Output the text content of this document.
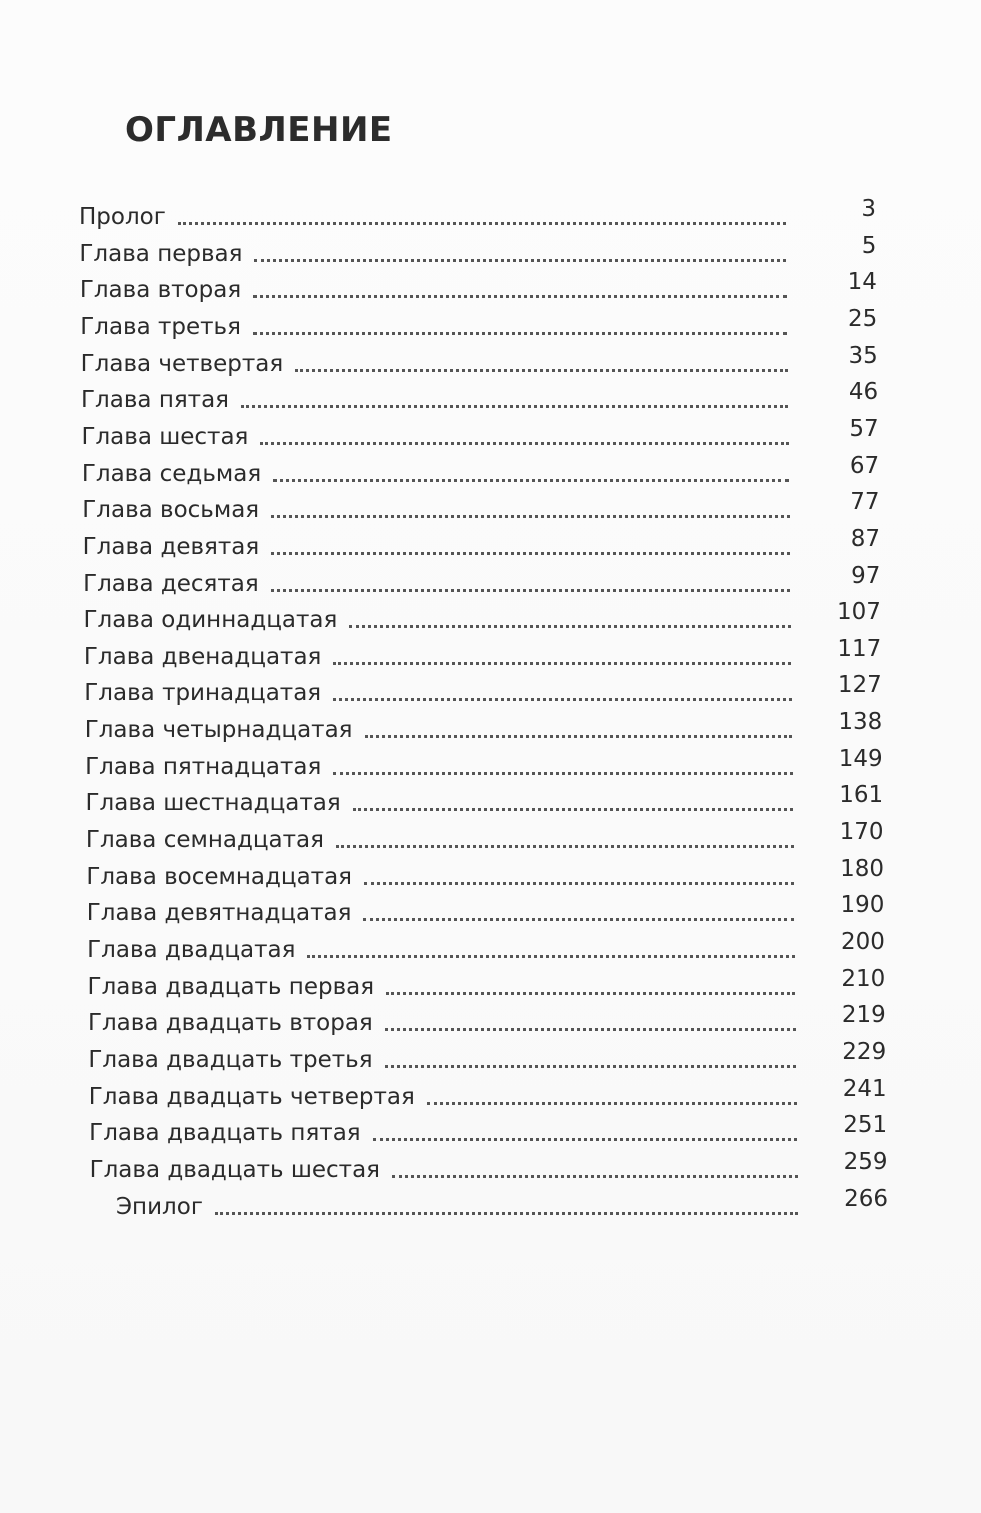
ОГЛАВЛЕНИЕ
Пролог	3
Глава первая	5
Глава вторая	14
Глава третья	25
Глава четвертая	35
Глава пятая	46
Глава шестая	57
Глава седьмая	67
Глава восьмая	77
Глава девятая	87
Глава десятая	97
Глава одиннадцатая	107
Глава двенадцатая	117
Глава тринадцатая	127
Глава четырнадцатая	138
Глава пятнадцатая	149
Глава шестнадцатая	161
Глава семнадцатая	170
Глава восемнадцатая	180
Глава девятнадцатая	190
Глава двадцатая	200
Глава двадцать первая	210
Глава двадцать вторая	219
Глава двадцать третья	229
Глава двадцать четвертая	241
Глава двадцать пятая	251
Глава двадцать шестая	259
Эпилог	266
